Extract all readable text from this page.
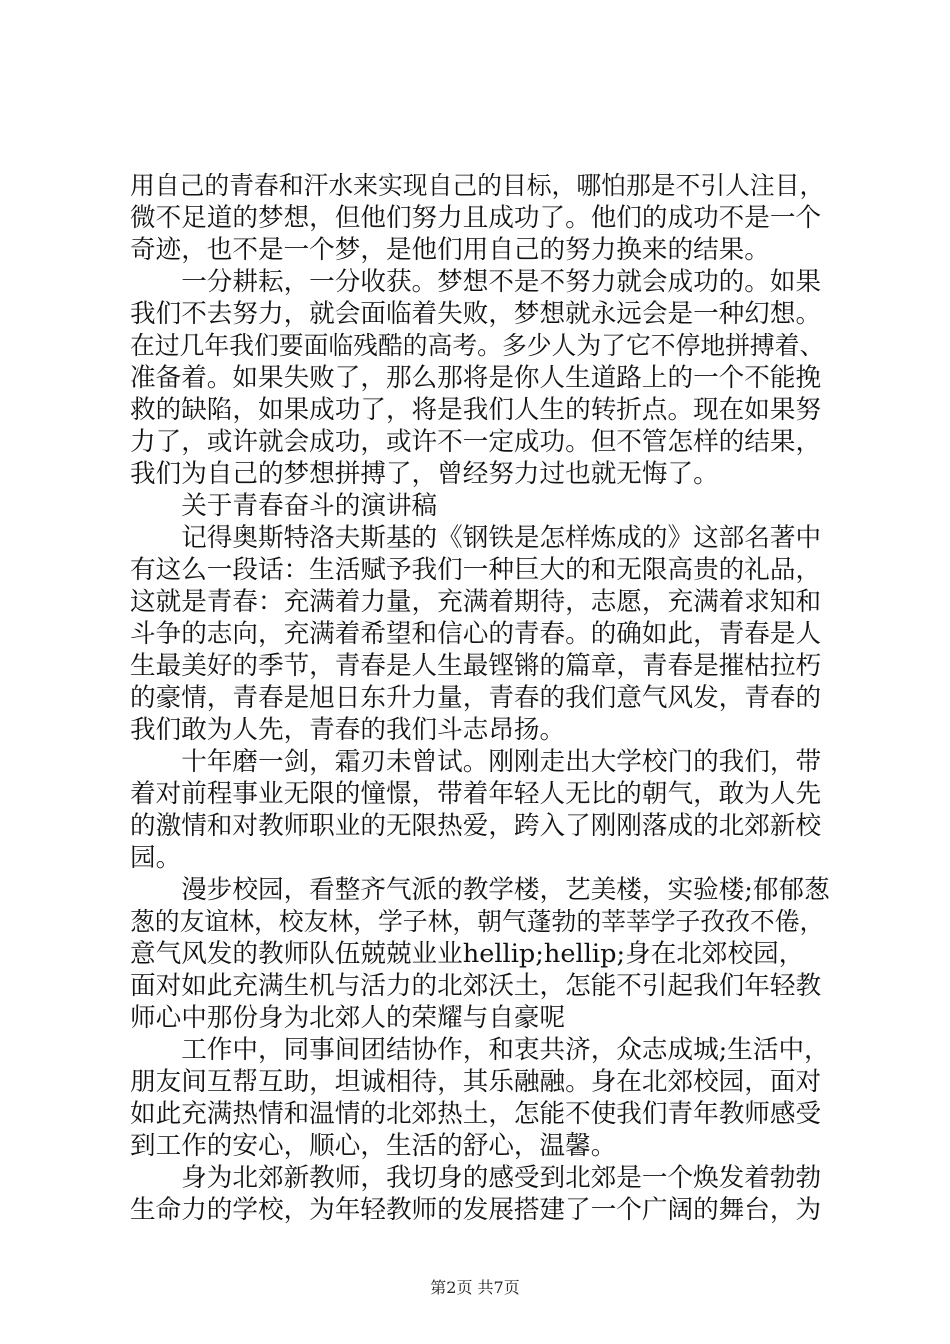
用自己的青春和汗水来实现自己的目标，哪怕那是不引人注目，
微不足道的梦想，但他们努力且成功了。他们的成功不是一个
奇迹，也不是一个梦，是他们用自己的努力换来的结果。
　　一分耕耘，一分收获。梦想不是不努力就会成功的。如果
我们不去努力，就会面临着失败，梦想就永远会是一种幻想。
在过几年我们要面临残酷的高考。多少人为了它不停地拼搏着、
准备着。如果失败了，那么那将是你人生道路上的一个不能挽
救的缺陷，如果成功了，将是我们人生的转折点。现在如果努
力了，或许就会成功，或许不一定成功。但不管怎样的结果，
我们为自己的梦想拼搏了，曾经努力过也就无悔了。
　　关于青春奋斗的演讲稿
　　记得奥斯特洛夫斯基的《钢铁是怎样炼成的》这部名著中
有这么一段话：生活赋予我们一种巨大的和无限高贵的礼品，
这就是青春：充满着力量，充满着期待，志愿，充满着求知和
斗争的志向，充满着希望和信心的青春。的确如此，青春是人
生最美好的季节，青春是人生最铿锵的篇章，青春是摧枯拉朽
的豪情，青春是旭日东升力量，青春的我们意气风发，青春的
我们敢为人先，青春的我们斗志昂扬。
　　十年磨一剑，霜刃未曾试。刚刚走出大学校门的我们，带
着对前程事业无限的憧憬，带着年轻人无比的朝气，敢为人先
的激情和对教师职业的无限热爱，跨入了刚刚落成的北郊新校
园。
　　漫步校园，看整齐气派的教学楼，艺美楼，实验楼;郁郁葱
葱的友谊林，校友林，学子林，朝气蓬勃的莘莘学子孜孜不倦，
意气风发的教师队伍兢兢业业hellip;hellip;身在北郊校园，
面对如此充满生机与活力的北郊沃土，怎能不引起我们年轻教
师心中那份身为北郊人的荣耀与自豪呢
　　工作中，同事间团结协作，和衷共济，众志成城;生活中，
朋友间互帮互助，坦诚相待，其乐融融。身在北郊校园，面对
如此充满热情和温情的北郊热土，怎能不使我们青年教师感受
到工作的安心，顺心，生活的舒心，温馨。
　　身为北郊新教师，我切身的感受到北郊是一个焕发着勃勃
生命力的学校，为年轻教师的发展搭建了一个广阔的舞台，为
第2页 共7页
